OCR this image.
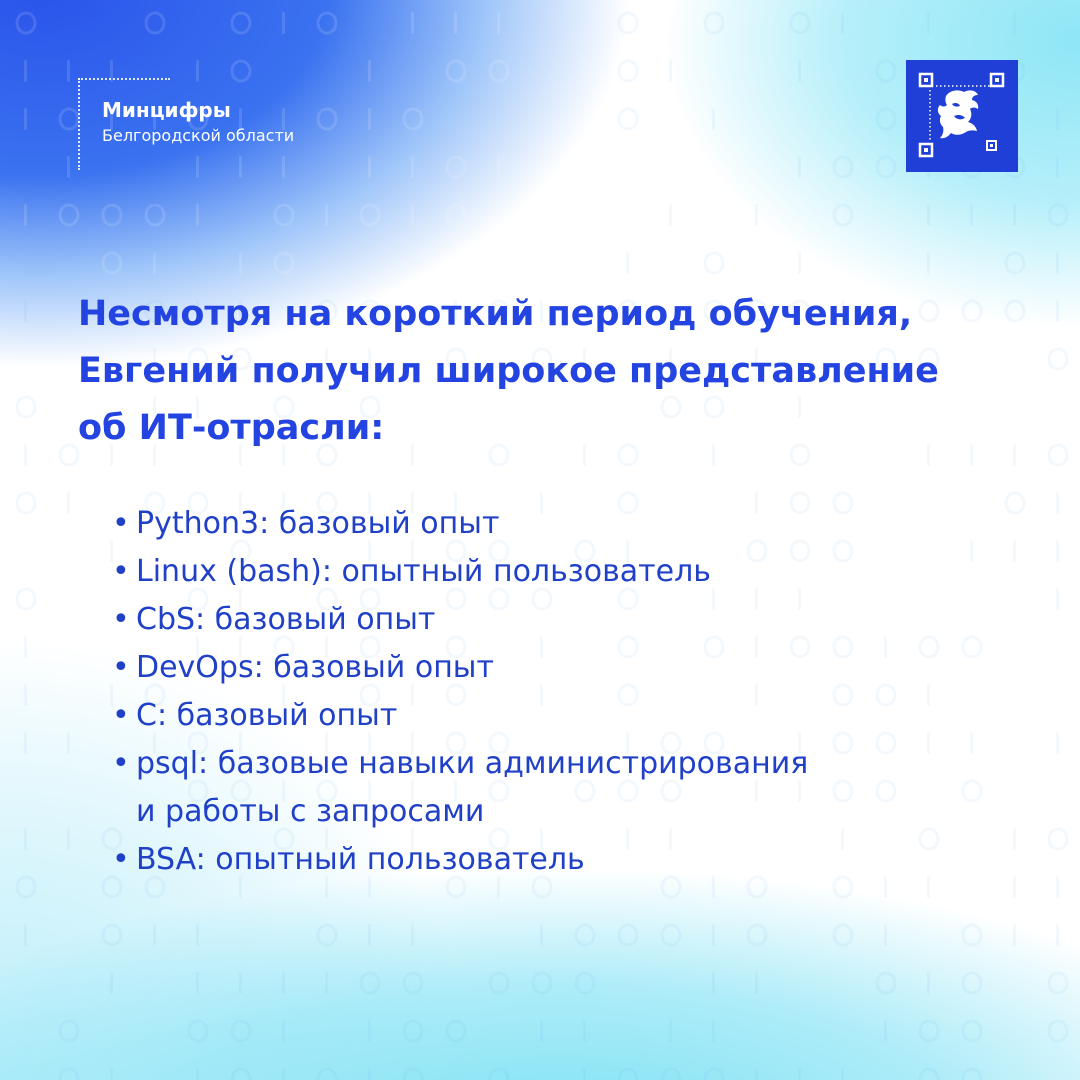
Минцифры
Белгородской области
Несмотря на короткий период обучения,
Евгений получил широкое представление
об ИТ-отрасли:
• Python3: базовый опыт
• Linux (bash): опытный пользователь
• CbS: базовый опыт
• DevOps: базовый опыт
• C: базовый опыт
• psql: базовые навыки администрирования
и работы с запросами
• BSA: опытный пользователь
